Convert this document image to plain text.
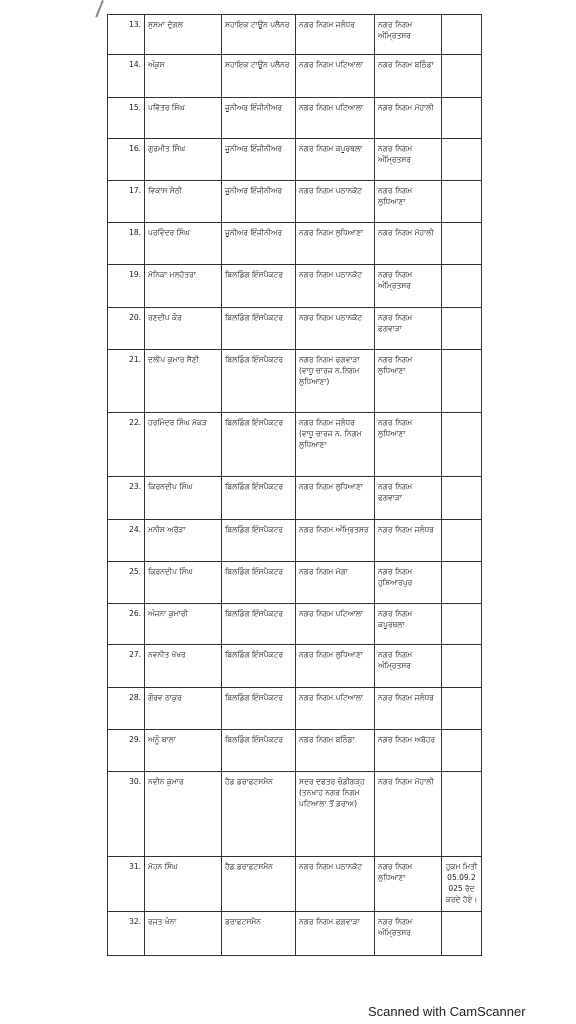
13.	ਸੁਸਮਾ ਦੁੱਗਲ	ਸਹਾਇਕ ਟਾਊਨ ਪਲੈਨਰ	ਨਗਰ ਨਿਗਮ ਜਲੰਧਰ	ਨਗਰ ਨਿਗਮ ਅੰਮ੍ਰਿਤਸਰ	
14.	ਅੰਕੁਸ਼	ਸਹਾਇਕ ਟਾਊਨ ਪਲੈਨਰ	ਨਗਰ ਨਿਗਮ ਪਟਿਆਲਾ	ਨਗਰ ਨਿਗਮ ਬਠਿੰਡਾ	
15.	ਪਵਿੱਤਰ ਸਿੰਘ	ਜੂਨੀਅਰ ਇੰਜੀਨੀਅਰ	ਨਗਰ ਨਿਗਮ ਪਟਿਆਲਾ	ਨਗਰ ਨਿਗਮ ਮੋਹਾਲੀ	
16.	ਗੁਰਮੀਤ ਸਿੰਘ	ਜੂਨੀਅਰ ਇੰਜੀਨੀਅਰ	ਨਗਰ ਨਿਗਮ ਕਪੂਰਥਲਾ	ਨਗਰ ਨਿਗਮ ਅੰਮ੍ਰਿਤਸਰ	
17.	ਵਿਕਾਸ ਸੇਠੀ	ਜੂਨੀਅਰ ਇੰਜੀਨੀਅਰ	ਨਗਰ ਨਿਗਮ ਪਠਾਨਕੋਟ	ਨਗਰ ਨਿਗਮ ਲੁਧਿਆਣਾ	
18.	ਪਰਵਿੰਦਰ ਸਿੰਘ	ਜੂਨੀਅਰ ਇੰਜੀਨੀਅਰ	ਨਗਰ ਨਿਗਮ ਲੁਧਿਆਣਾ	ਨਗਰ ਨਿਗਮ ਮੋਹਾਲੀ	
19.	ਮੋਨਿਕਾ ਮਲਹੋਤਰਾ	ਬਿਲਡਿੰਗ ਇੰਸਪੈਕਟਰ	ਨਗਰ ਨਿਗਮ ਪਠਾਨਕੋਟ	ਨਗਰ ਨਿਗਮ ਅੰਮ੍ਰਿਤਸਰ	
20.	ਰਣਦੀਪ ਕੌਰ	ਬਿਲਡਿੰਗ ਇੰਸਪੈਕਟਰ	ਨਗਰ ਨਿਗਮ ਪਠਾਨਕੋਟ	ਨਗਰ ਨਿਗਮ ਫਗਵਾੜਾ	
21.	ਦਲੀਪ ਕੁਮਾਰ ਸੈਣੀ	ਬਿਲਡਿੰਗ ਇੰਸਪੈਕਟਰ	ਨਗਰ ਨਿਗਮ ਫਗਵਾੜਾ (ਵਾਧੂ ਚਾਰਜ ਨ.ਨਿਗਮ ਲੁਧਿਆਣਾ)	ਨਗਰ ਨਿਗਮ ਲੁਧਿਆਣਾ	
22.	ਹਰਮਿੰਦਰ ਸਿੰਘ ਮੱਕੜ	ਬਿਲਡਿੰਗ ਇੰਸਪੈਕਟਰ	ਨਗਰ ਨਿਗਮ ਜਲੰਧਰ (ਵਾਧੂ ਚਾਰਜ ਨ. ਨਿਗਮ ਲੁਧਿਆਣਾ	ਨਗਰ ਨਿਗਮ ਲੁਧਿਆਣਾ	
23.	ਕਿਰਨਦੀਪ ਸਿੰਘ	ਬਿਲਡਿੰਗ ਇੰਸਪੈਕਟਰ	ਨਗਰ ਨਿਗਮ ਲੁਧਿਆਣਾ	ਨਗਰ ਨਿਗਮ ਫਗਵਾੜਾ	
24.	ਮਨੀਸ਼ ਅਰੋੜਾ	ਬਿਲਡਿੰਗ ਇੰਸਪੈਕਟਰ	ਨਗਰ ਨਿਗਮ ਅੰਮ੍ਰਿਤਸਰ	ਨਗਰ ਨਿਗਮ ਜਲੰਧਰ	
25.	ਕਿਰਨਦੀਪ ਸਿੰਘ	ਬਿਲਡਿੰਗ ਇੰਸਪੈਕਟਰ	ਨਗਰ ਨਿਗਮ ਮੋਗਾ	ਨਗਰ ਨਿਗਮ ਹੁਸ਼ਿਆਰਪੁਰ	
26.	ਅੰਜਨਾ ਕੁਮਾਰੀ	ਬਿਲਡਿੰਗ ਇੰਸਪੈਕਟਰ	ਨਗਰ ਨਿਗਮ ਪਟਿਆਲਾ	ਨਗਰ ਨਿਗਮ ਕਪੂਰਥਲਾ	
27.	ਨਵਨੀਤ ਖੋਖਰ	ਬਿਲਡਿੰਗ ਇੰਸਪੈਕਟਰ	ਨਗਰ ਨਿਗਮ ਲੁਧਿਆਣਾ	ਨਗਰ ਨਿਗਮ ਅੰਮ੍ਰਿਤਸਰ	
28.	ਗੌਰਵ ਠਾਕੁਰ	ਬਿਲਡਿੰਗ ਇੰਸਪੈਕਟਰ	ਨਗਰ ਨਿਗਮ ਪਟਿਆਲਾ	ਨਗਰ ਨਿਗਮ ਜਲੰਧਰ	
29.	ਅਨੂੰ ਬਾਲਾ	ਬਿਲਡਿੰਗ ਇੰਸਪੈਕਟਰ	ਨਗਰ ਨਿਗਮ ਬਠਿੰਡਾ	ਨਗਰ ਨਿਗਮ ਅਬੋਹਰ	
30.	ਨਵੀਨ ਕੁਮਾਰ	ਹੈਡ ਡਰਾਫਟਸਮੈਨ	ਸਦਰ ਦਫਤਰ ਚੰਡੀਗੜ੍ਹ (ਤਨਖਾਹ ਨਗਰ ਨਿਗਮ ਪਟਿਆਲਾ ਤੋਂ ਡਰਾਅ)	ਨਗਰ ਨਿਗਮ ਮੋਹਾਲੀ	
31.	ਮੋਹਨ ਸਿੰਘ	ਹੈਡ ਡਰਾਫਟਸਮੈਨ	ਨਗਰ ਨਿਗਮ ਪਠਾਨਕੋਟ	ਨਗਰ ਨਿਗਮ ਲੁਧਿਆਣਾ	ਹੁਕਮ ਮਿਤੀ 05.09.2025 ਰੱਦ ਕਰਦੇ ਹੋਏ।
32.	ਰਜਤ ਖੰਨਾ	ਡਰਾਫਟਸਮੈਨ	ਨਗਰ ਨਿਗਮ ਫਗਵਾੜਾ	ਨਗਰ ਨਿਗਮ ਅੰਮ੍ਰਿਤਸਰ	
Scanned with CamScanner
